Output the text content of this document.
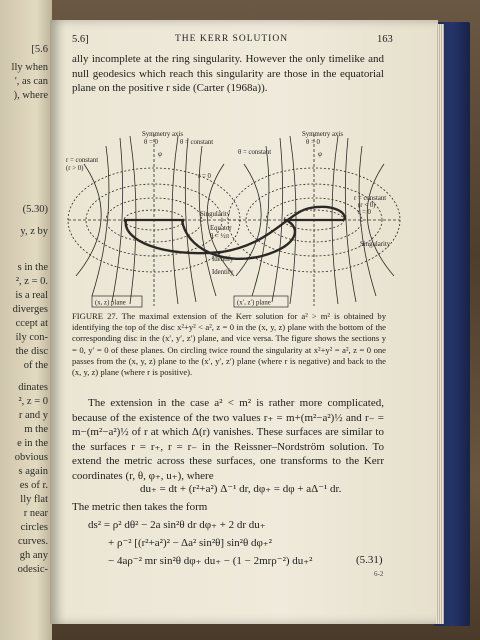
[5.6
lly when
', as can
), where
(5.30)
y, z by
s in the
², z = 0.
is a real
diverges
ccept at
ily con-
the disc
of the
dinates
², z = 0
r and y
m the
e in the
obvious
s again
es of r.
lly flat
r near
circles
curves.
gh any
odesic-
5.6]	THE KERR SOLUTION	163
ally incomplete at the ring singularity. However the only timelike and null geodesics which reach this singularity are those in the equatorial plane on the positive r side (Carter (1968a)).
Symmetry axis
θ = 0	θ = constant
r = constant
(r > 0)
φ
r = 0
Singularity
Equator
θ = ½π
Identify
Identify
Symmetry axis
θ = 0
θ = constant	φ
r = constant
(r < 0)
r = 0
Singularity
(x, z) plane	(x′, z′) plane
FIGURE 27. The maximal extension of the Kerr solution for a² > m² is obtained by identifying the top of the disc x²+y² < a², z = 0 in the (x, y, z) plane with the bottom of the corresponding disc in the (x′, y′, z′) plane, and vice versa. The figure shows the sections y = 0, y′ = 0 of these planes. On circling twice round the singularity at x²+y² = a², z = 0 one passes from the (x, y, z) plane to the (x′, y′, z′) plane (where r is negative) and back to the (x, y, z) plane (where r is positive).
The extension in the case a² < m² is rather more complicated, because of the existence of the two values r₊ = m+(m²−a²)½ and r₋ = m−(m²−a²)½ of r at which Δ(r) vanishes. These surfaces are similar to the surfaces r = r₊, r = r₋ in the Reissner–Nordström solution. To extend the metric across these surfaces, one transforms to the Kerr coordinates (r, θ, φ₊, u₊), where
du₊ = dt + (r²+a²) Δ⁻¹ dr, dφ₊ = dφ + aΔ⁻¹ dr.
The metric then takes the form
ds² = ρ² dθ² − 2a sin²θ dr dφ₊ + 2 dr du₊
+ ρ⁻² [(r²+a²)² − Δa² sin²θ] sin²θ dφ₊²
− 4aρ⁻² mr sin²θ dφ₊ du₊ − (1 − 2mrρ⁻²) du₊²	(5.31)
6-2
